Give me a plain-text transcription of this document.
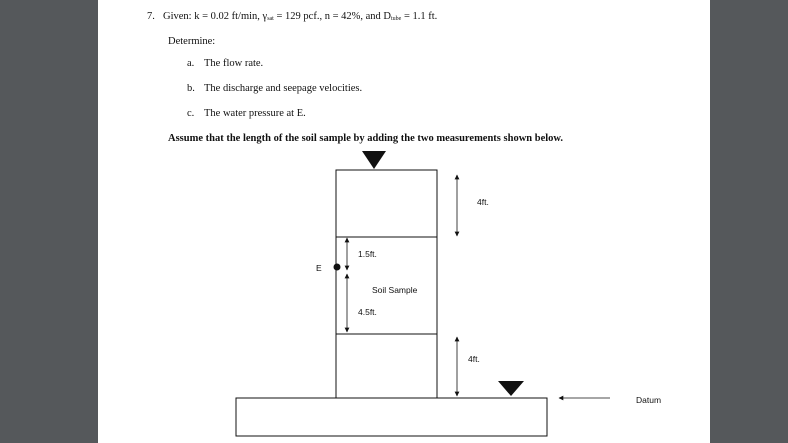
7. Given: k = 0.02 ft/min, $\gamma_{sat} = 129$ pcf., n = 42%, and $D_{tube} = 1.1$ ft.
Determine:
a. The flow rate.
b. The discharge and seepage velocities.
c. The water pressure at E.
Assume that the length of the soil sample by adding the two measurements shown below.
4ft.
1.5ft.
E
Soil Sample
4.5ft.
4ft.
Datum
